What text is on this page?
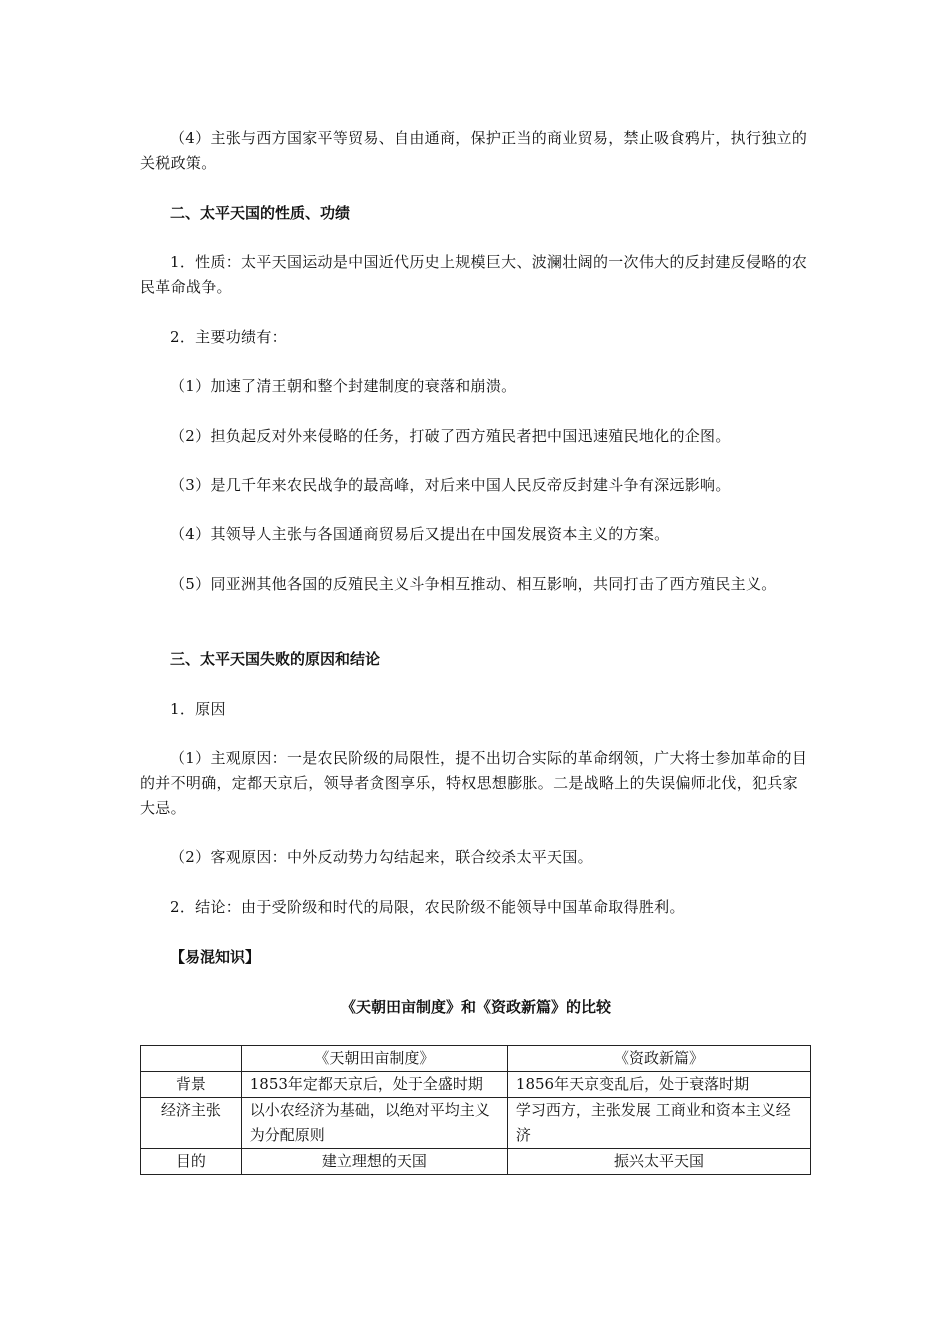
（4）主张与西方国家平等贸易、自由通商，保护正当的商业贸易，禁止吸食鸦片，执行独立的关税政策。

二、太平天国的性质、功绩

1．性质：太平天国运动是中国近代历史上规模巨大、波澜壮阔的一次伟大的反封建反侵略的农民革命战争。

2．主要功绩有：

（1）加速了清王朝和整个封建制度的衰落和崩溃。

（2）担负起反对外来侵略的任务，打破了西方殖民者把中国迅速殖民地化的企图。

（3）是几千年来农民战争的最高峰，对后来中国人民反帝反封建斗争有深远影响。

（4）其领导人主张与各国通商贸易后又提出在中国发展资本主义的方案。

（5）同亚洲其他各国的反殖民主义斗争相互推动、相互影响，共同打击了西方殖民主义。

三、太平天国失败的原因和结论

1．原因

（1）主观原因：一是农民阶级的局限性，提不出切合实际的革命纲领，广大将士参加革命的目的并不明确，定都天京后，领导者贪图享乐，特权思想膨胀。二是战略上的失误偏师北伐，犯兵家大忌。

（2）客观原因：中外反动势力勾结起来，联合绞杀太平天国。

2．结论：由于受阶级和时代的局限，农民阶级不能领导中国革命取得胜利。

【易混知识】

《天朝田亩制度》和《资政新篇》的比较
	《天朝田亩制度》	《资政新篇》
背景	1853年定都天京后，处于全盛时期	1856年天京变乱后，处于衰落时期
经济主张	以小农经济为基础，以绝对平均主义为分配原则	学习西方，主张发展 工商业和资本主义经济
目的	建立理想的天国	振兴太平天国
